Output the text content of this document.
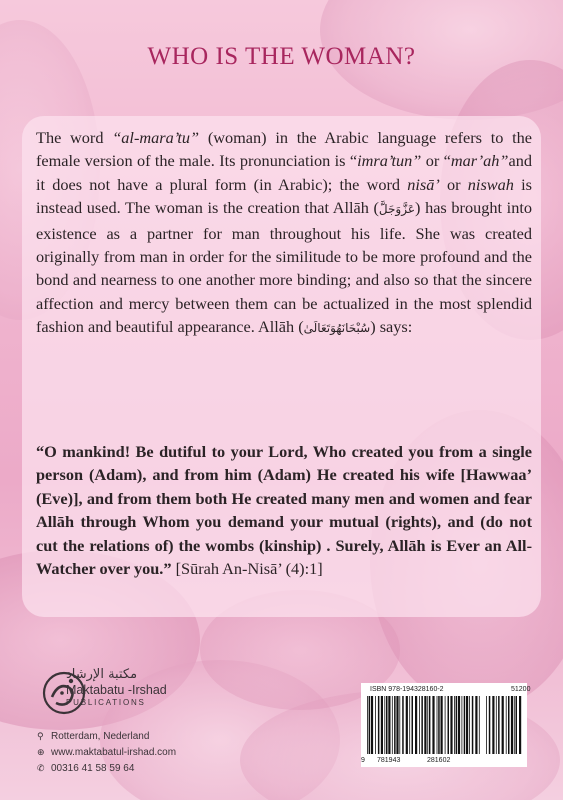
WHO IS THE WOMAN?

The word “al-mara’tu” (woman) in the Arabic language refers to the female version of the male. Its pronunciation is “imra’tun” or “mar’ah”and it does not have a plural form (in Arabic); the word nisā’ or niswah is instead used. The woman is the creation that Allāh (عَزَّوَجَلَّ) has brought into existence as a partner for man throughout his life. She was created originally from man in order for the similitude to be more profound and the bond and nearness to one another more binding; and also so that the sincere affection and mercy between them can be actualized in the most splendid fashion and beautiful appearance. Allāh (سُبْحَانَهُوَتَعَالَىٰ) says:

“O mankind! Be dutiful to your Lord, Who created you from a single person (Adam), and from him (Adam) He created his wife [Hawwaa’ (Eve)], and from them both He created many men and women and fear Allāh through Whom you demand your mutual (rights), and (do not cut the relations of) the wombs (kinship) . Surely, Allāh is Ever an All-Watcher over you.” [Sūrah An-Nisā’ (4):1]
مكتبة الإرشاد
Maktabatu -Irshad
PUBLICATIONS
⚲ Rotterdam, Nederland
⊕ www.maktabatul-irshad.com
✆ 00316 41 58 59 64
ISBN 978-194328160-2	51200
9 781943	281602
